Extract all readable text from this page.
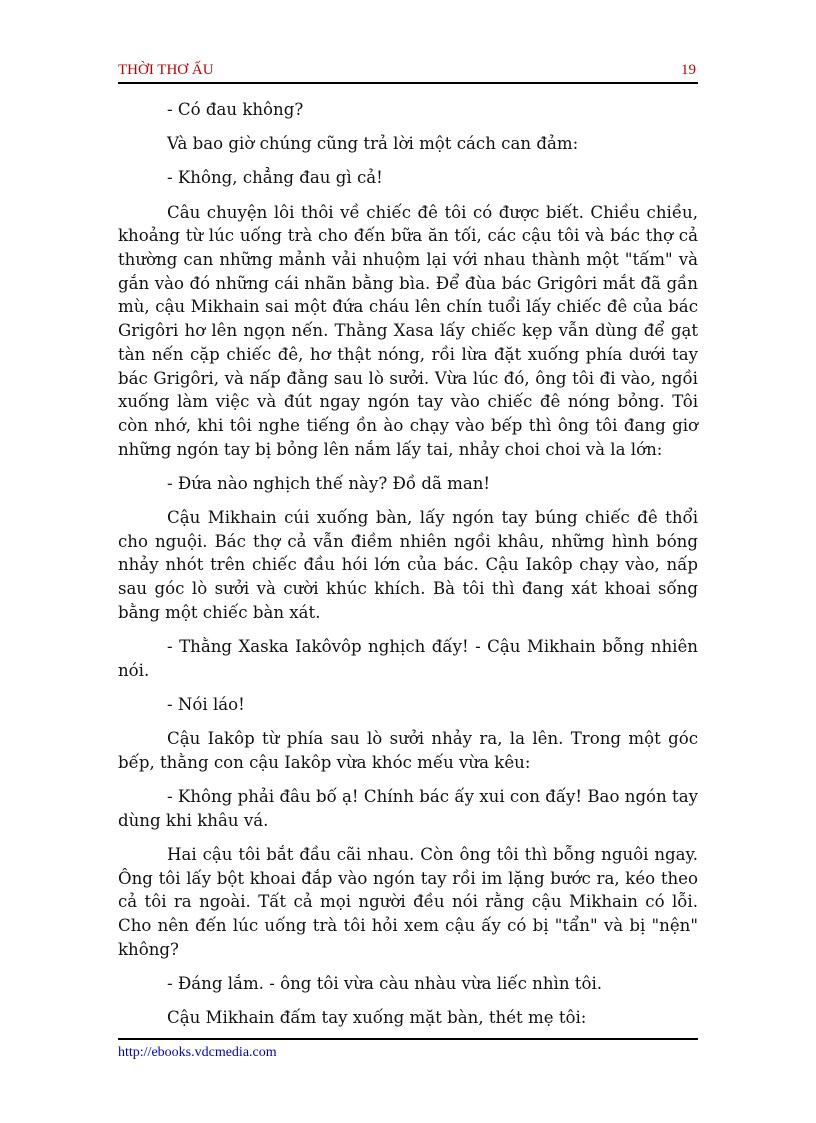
THỜI THƠ ẤU	19

- Có đau không?

Và bao giờ chúng cũng trả lời một cách can đảm:

- Không, chẳng đau gì cả!

Câu chuyện lôi thôi về chiếc đê tôi có được biết. Chiều chiều, khoảng từ lúc uống trà cho đến bữa ăn tối, các cậu tôi và bác thợ cả thường can những mảnh vải nhuộm lại với nhau thành một "tấm" và gắn vào đó những cái nhãn bằng bìa. Để đùa bác Grigôri mắt đã gần mù, cậu Mikhain sai một đứa cháu lên chín tuổi lấy chiếc đê của bác Grigôri hơ lên ngọn nến. Thằng Xasa lấy chiếc kẹp vẫn dùng để gạt tàn nến cặp chiếc đê, hơ thật nóng, rồi lừa đặt xuống phía dưới tay bác Grigôri, và nấp đằng sau lò sưởi. Vừa lúc đó, ông tôi đi vào, ngồi xuống làm việc và đút ngay ngón tay vào chiếc đê nóng bỏng. Tôi còn nhớ, khi tôi nghe tiếng ồn ào chạy vào bếp thì ông tôi đang giơ những ngón tay bị bỏng lên nắm lấy tai, nhảy choi choi và la lớn:

- Đứa nào nghịch thế này? Đồ dã man!

Cậu Mikhain cúi xuống bàn, lấy ngón tay búng chiếc đê thổi cho nguội. Bác thợ cả vẫn điềm nhiên ngồi khâu, những hình bóng nhảy nhót trên chiếc đầu hói lớn của bác. Cậu Iakôp chạy vào, nấp sau góc lò sưởi và cười khúc khích. Bà tôi thì đang xát khoai sống bằng một chiếc bàn xát.

- Thằng Xaska Iakôvôp nghịch đấy! - Cậu Mikhain bỗng nhiên nói.

- Nói láo!

Cậu Iakôp từ phía sau lò sưởi nhảy ra, la lên. Trong một góc bếp, thằng con cậu Iakôp vừa khóc mếu vừa kêu:

- Không phải đâu bố ạ! Chính bác ấy xui con đấy! Bao ngón tay dùng khi khâu vá.

Hai cậu tôi bắt đầu cãi nhau. Còn ông tôi thì bỗng nguôi ngay. Ông tôi lấy bột khoai đắp vào ngón tay rồi im lặng bước ra, kéo theo cả tôi ra ngoài. Tất cả mọi người đều nói rằng cậu Mikhain có lỗi. Cho nên đến lúc uống trà tôi hỏi xem cậu ấy có bị "tẩn" và bị "nện" không?

- Đáng lắm. - ông tôi vừa càu nhàu vừa liếc nhìn tôi.

Cậu Mikhain đấm tay xuống mặt bàn, thét mẹ tôi:

http://ebooks.vdcmedia.com
